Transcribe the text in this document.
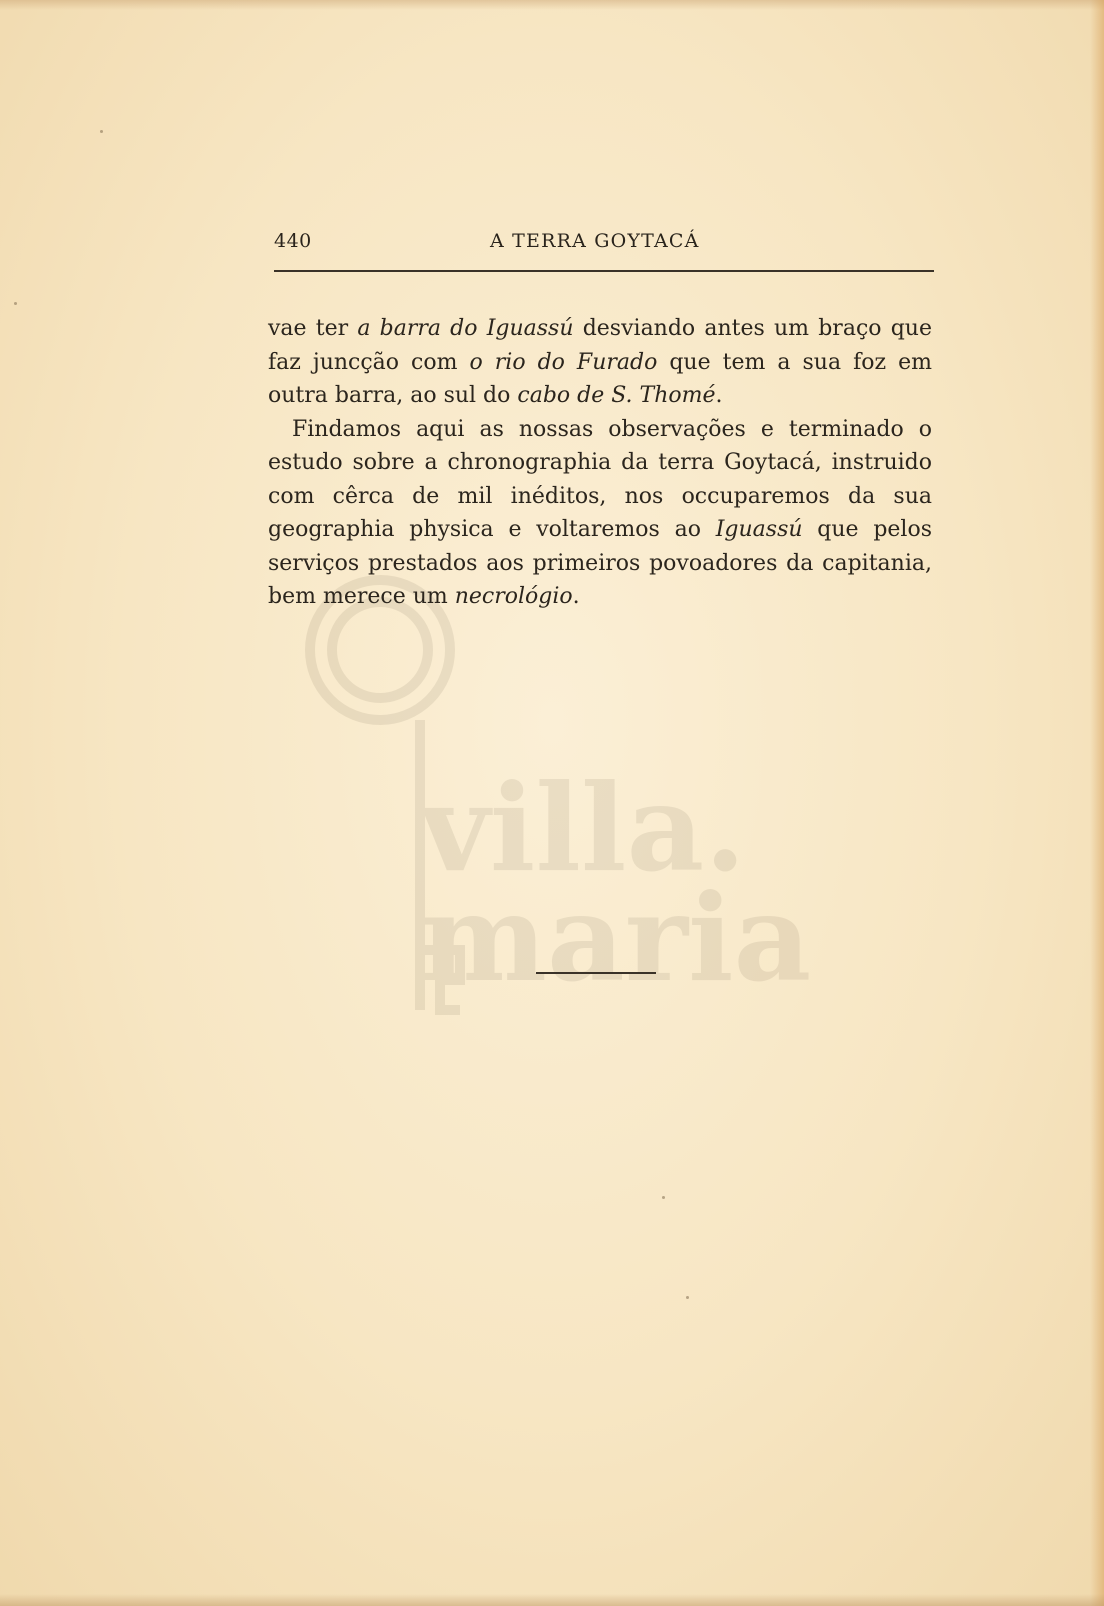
villa.
maria
440	A TERRA GOYTACÁ

vae ter a barra do Iguassú desviando antes um braço que faz juncção com o rio do Furado que tem a sua foz em outra barra, ao sul do cabo de S. Thomé.

Findamos aqui as nossas observações e terminado o estudo sobre a chronographia da terra Goytacá, instruido com cêrca de mil inéditos, nos occuparemos da sua geographia physica e voltaremos ao Iguassú que pelos serviços prestados aos primeiros povoadores da capitania, bem merece um necrológio.
